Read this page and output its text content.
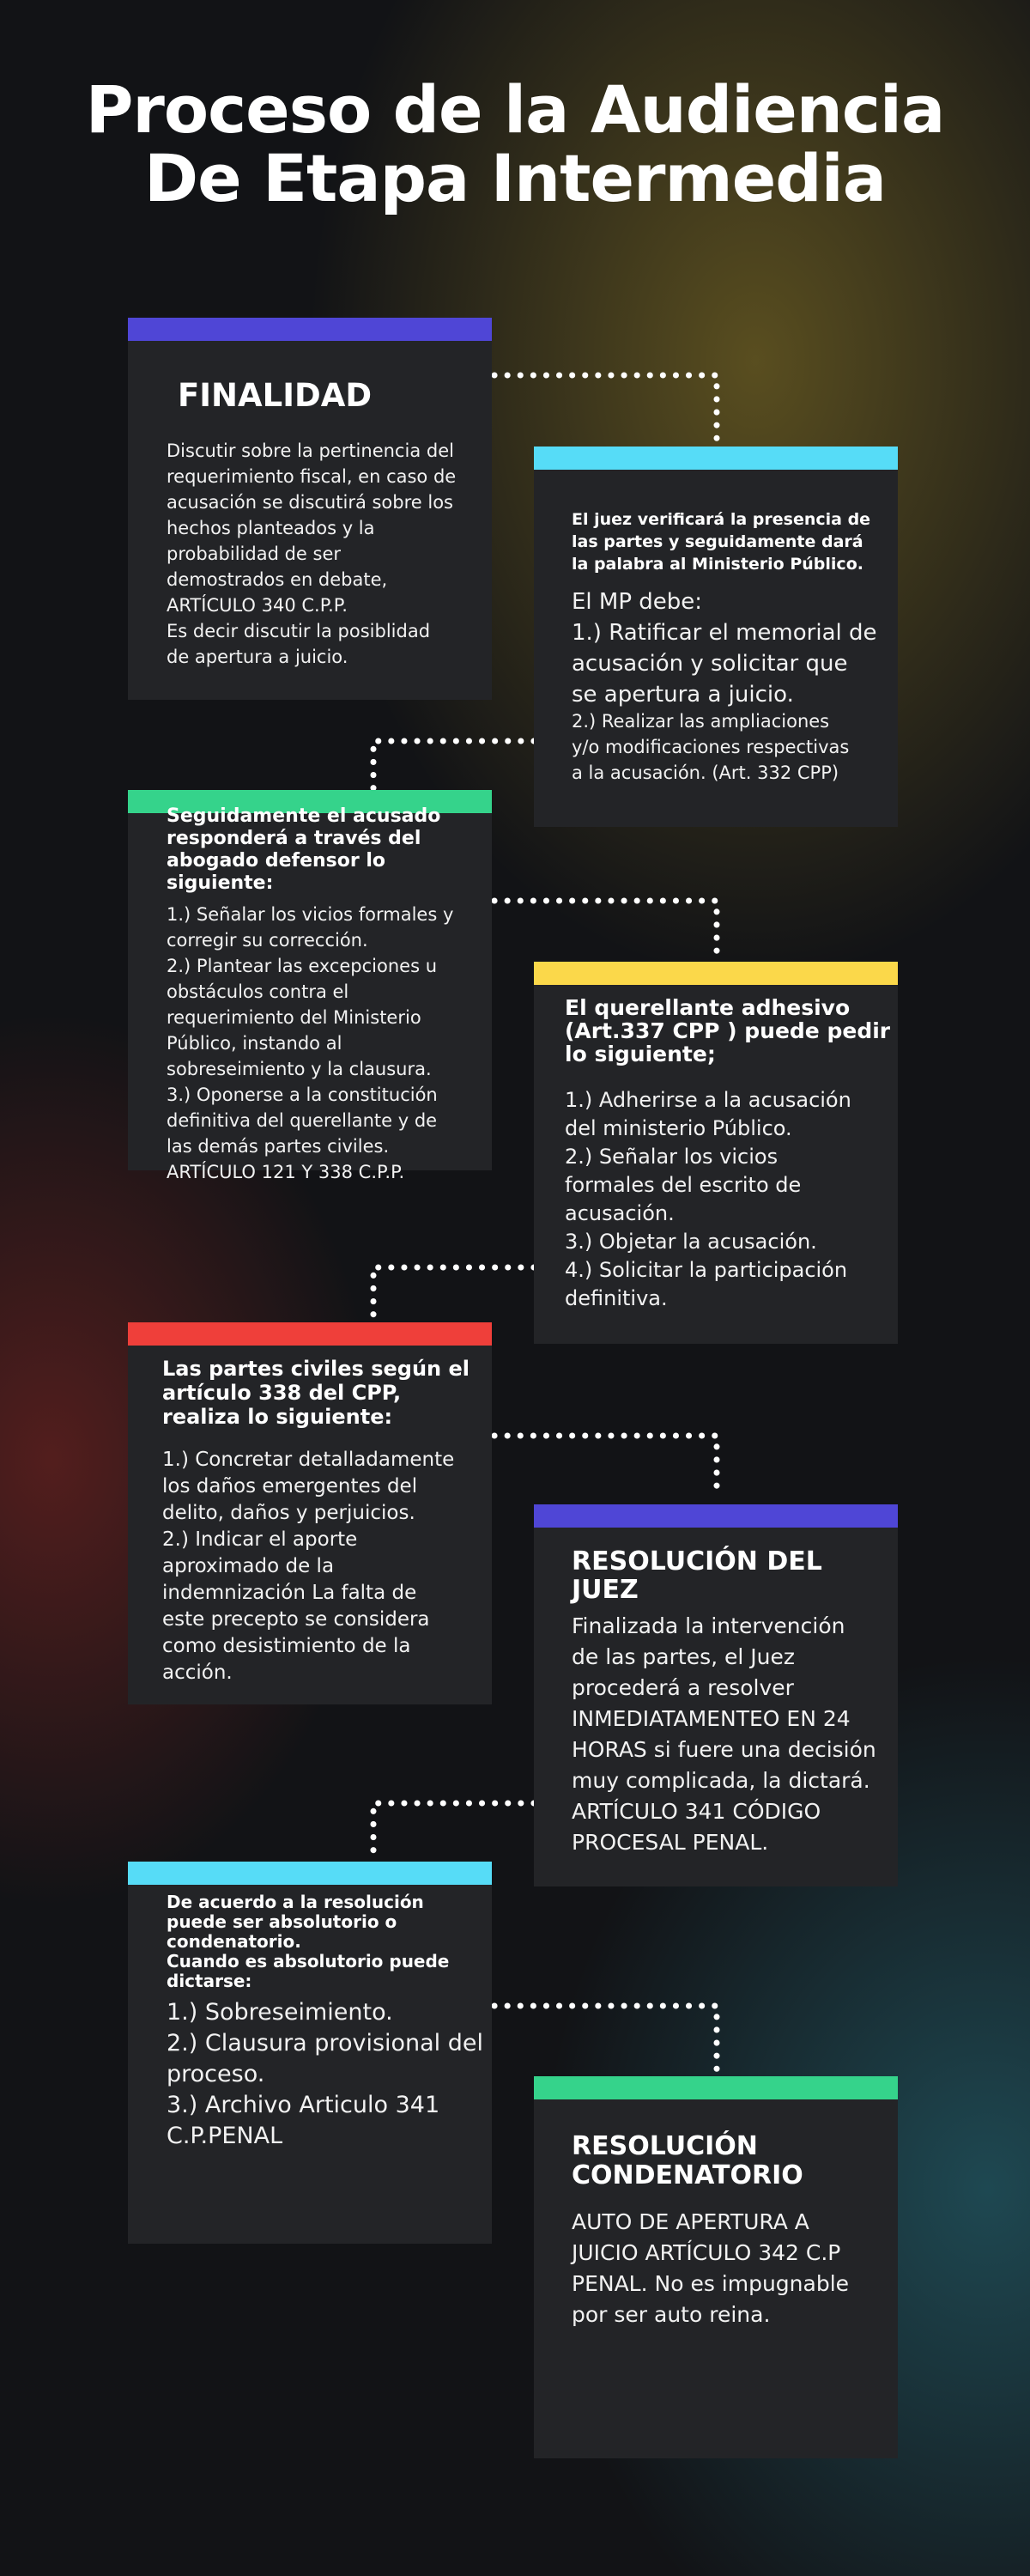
Proceso de la Audiencia
De Etapa Intermedia
FINALIDAD
Discutir sobre la pertinencia del
requerimiento fiscal, en caso de
acusación se discutirá sobre los
hechos planteados y la
probabilidad de ser
demostrados en debate,
ARTÍCULO 340 C.P.P.
Es decir discutir la posiblidad
de apertura a juicio.
El juez verificará la presencia de
las partes y seguidamente dará
la palabra al Ministerio Público.
El MP debe:
1.) Ratificar el memorial de
acusación y solicitar que
se apertura a juicio.
2.) Realizar las ampliaciones
y/o modificaciones respectivas
a la acusación. (Art. 332 CPP)
Seguidamente el acusado
responderá a través del
abogado defensor lo
siguiente:
1.) Señalar los vicios formales y
corregir su corrección.
2.) Plantear las excepciones u
obstáculos contra el
requerimiento del Ministerio
Público, instando al
sobreseimiento y la clausura.
3.) Oponerse a la constitución
definitiva del querellante y de
las demás partes civiles.
ARTÍCULO 121 Y 338 C.P.P.
El querellante adhesivo
(Art.337 CPP ) puede pedir
lo siguiente;
1.) Adherirse a la acusación
del ministerio Público.
2.) Señalar los vicios
formales del escrito de
acusación.
3.) Objetar la acusación.
4.) Solicitar la participación
definitiva.
Las partes civiles según el
artículo 338 del CPP,
realiza lo siguiente:
1.) Concretar detalladamente
los daños emergentes del
delito, daños y perjuicios.
2.) Indicar el aporte
aproximado de la
indemnización La falta de
este precepto se considera
como desistimiento de la
acción.
RESOLUCIÓN DEL
JUEZ
Finalizada la intervención
de las partes, el Juez
procederá a resolver
INMEDIATAMENTEO EN 24
HORAS si fuere una decisión
muy complicada, la dictará.
ARTÍCULO 341 CÓDIGO
PROCESAL PENAL.
De acuerdo a la resolución
puede ser absolutorio o
condenatorio.
Cuando es absolutorio puede
dictarse:
1.) Sobreseimiento.
2.) Clausura provisional del
proceso.
3.) Archivo Articulo 341
C.P.PENAL	RESOLUCIÓN
CONDENATORIO
AUTO DE APERTURA A
JUICIO ARTÍCULO 342 C.P
PENAL. No es impugnable
por ser auto reina.
